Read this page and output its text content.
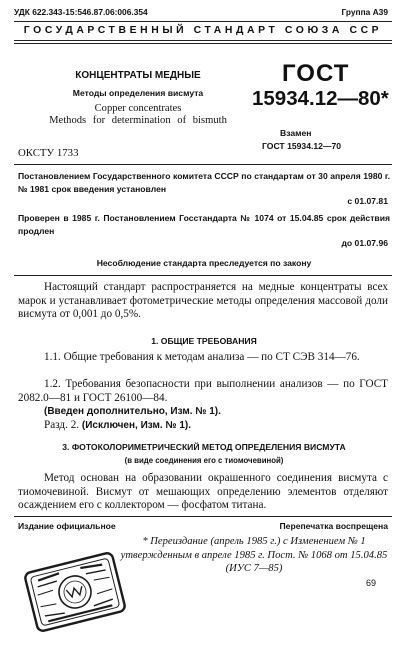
УДК 622.343-15:546.87.06:006.354	Группа А39
ГОСУДАРСТВЕННЫЙ СТАНДАРТ СОЮЗА ССР
КОНЦЕНТРАТЫ МЕДНЫЕ
Методы определения висмута
Copper concentrates
Methods for determination of bismuth
ОКСТУ 1733
ГОСТ
15934.12—80*
Взамен
ГОСТ 15934.12—70
Постановлением Государственного комитета СССР по стандартам от 30 апреля 1980 г. № 1981 срок введения установлен
с 01.07.81
Проверен в 1985 г. Постановлением Госстандарта № 1074 от 15.04.85 срок действия продлен
до 01.07.96
Несоблюдение стандарта преследуется по закону
Настоящий стандарт распространяется на медные концентраты всех марок и устанавливает фотометрические методы определения массовой доли висмута от 0,001 до 0,5%.
1. ОБЩИЕ ТРЕБОВАНИЯ
1.1. Общие требования к методам анализа — по СТ СЭВ 314—76.
1.2. Требования безопасности при выполнении анализов — по ГОСТ 2082.0—81 и ГОСТ 26100—84.
(Введен дополнительно, Изм. № 1).
Разд. 2. (Исключен, Изм. № 1).
3. ФОТОКОЛОРИМЕТРИЧЕСКИЙ МЕТОД ОПРЕДЕЛЕНИЯ ВИСМУТА
(в виде соединения его с тиомочевиной)
Метод основан на образовании окрашенного соединения висмута с тиомочевиной. Висмут от мешающих определению элементов отделяют осаждением его с коллектором — фосфатом титана.
Издание официальное	Перепечатка воспрещена
* Переиздание (апрель 1985 г.) с Изменением № 1
утвержденным в апреле 1985 г. Пост. № 1068 от 15.04.85
(ИУС 7—85)
69
